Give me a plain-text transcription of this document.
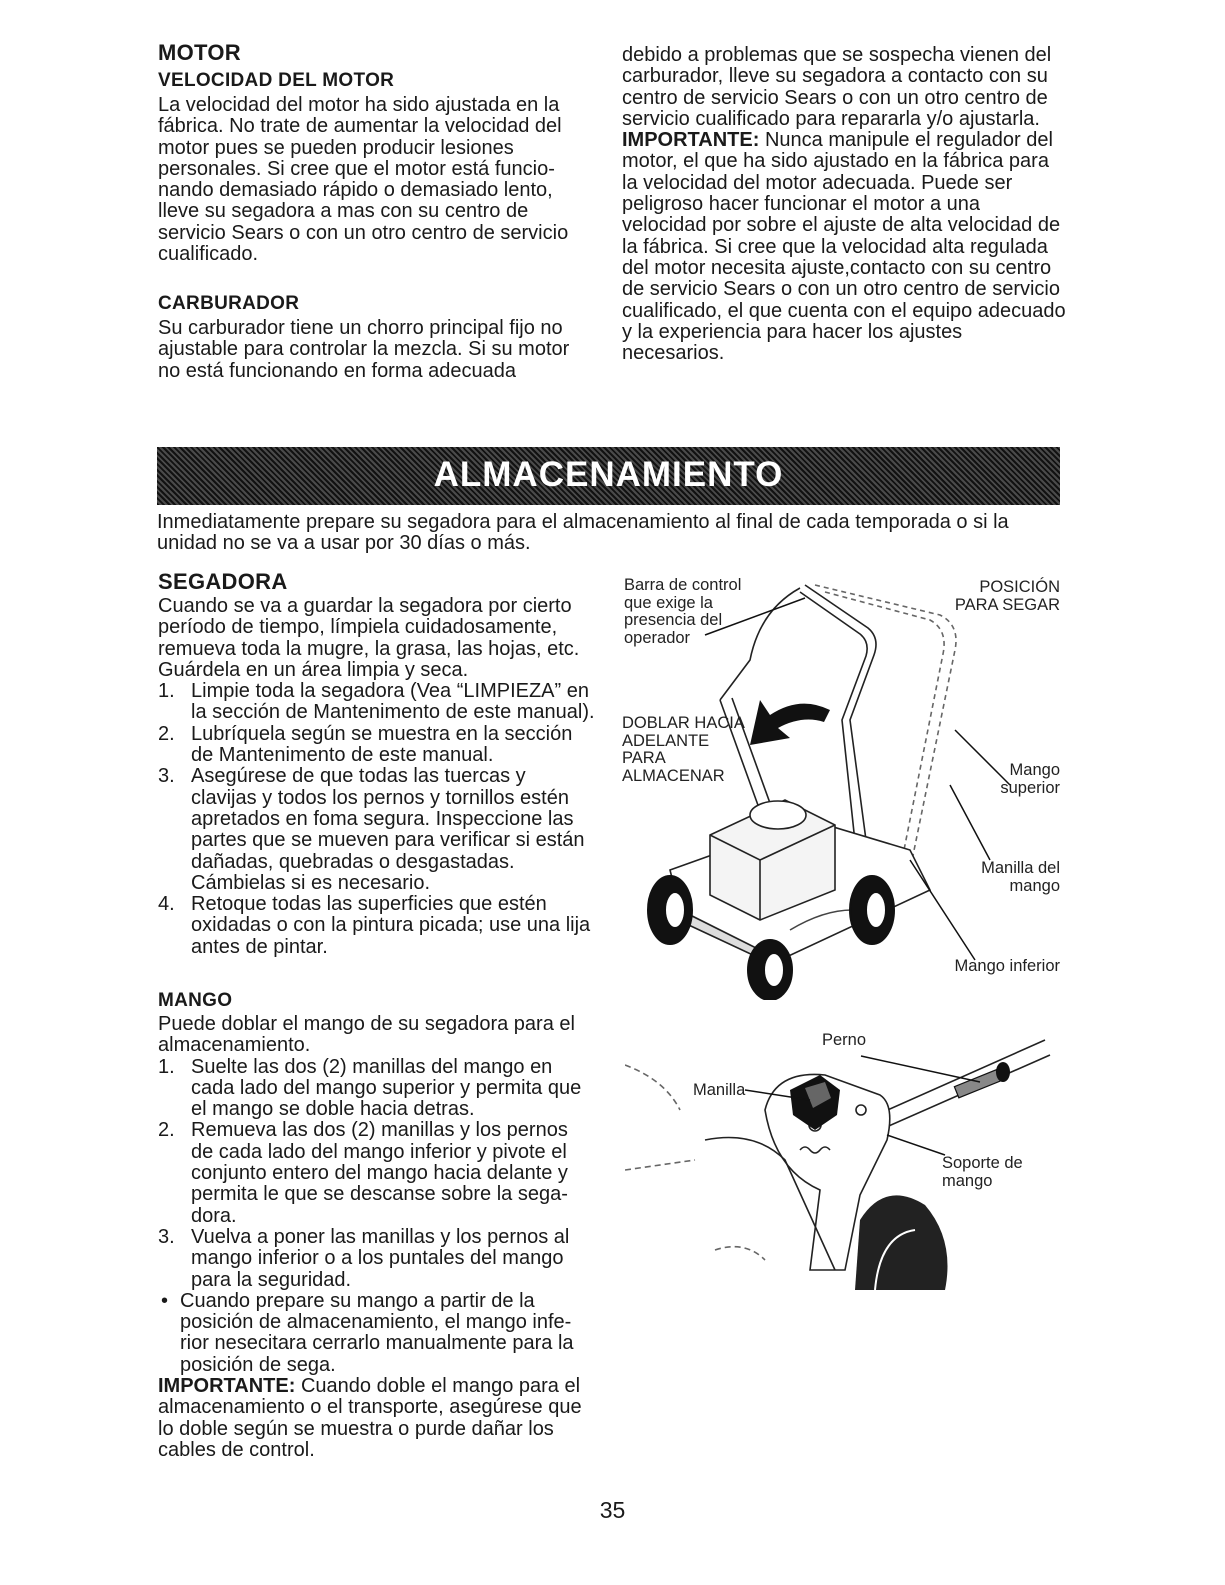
MOTOR
VELOCIDAD DEL MOTOR
La velocidad del motor ha sido ajustada en la fábrica. No trate de aumentar la velocidad del motor pues se pueden producir lesiones personales. Si cree que el motor está funcio-nando demasiado rápido o demasiado lento, lleve su segadora a mas con su centro de servicio Sears o con un otro centro de servicio cualificado.
CARBURADOR
Su carburador tiene un chorro principal fijo no ajustable para controlar la mezcla. Si su motor no está funcionando en forma adecuada
debido a problemas que se sospecha vienen del carburador, lleve su segadora a contacto con su centro de servicio Sears o con un otro centro de servicio cualificado para repararla y/o ajustarla.
IMPORTANTE: Nunca manipule el regulador del motor, el que ha sido ajustado en la fábrica para la velocidad del motor adecuada. Puede ser peligroso hacer funcionar el motor a una velocidad por sobre el ajuste de alta velocidad de la fábrica. Si cree que la velocidad alta regulada del motor necesita ajuste,contacto con su centro de servicio Sears o con un otro centro de servicio cualificado, el que cuenta con el equipo adecuado y la experiencia para hacer los ajustes necesarios.
ALMACENAMIENTO
Inmediatamente prepare su segadora para el almacenamiento al final de cada temporada o si la unidad no se va a usar por 30 días o más.
SEGADORA
Cuando se va a guardar la segadora por cierto período de tiempo, límpiela cuidadosamente, remueva toda la mugre, la grasa, las hojas, etc. Guárdela en un área limpia y seca.
1. Limpie toda la segadora (Vea “LIMPIEZA” en la sección de Mantenimento de este manual).
2. Lubríquela según se muestra en la sección de Mantenimento de este manual.
3. Asegúrese de que todas las tuercas y clavijas y todos los pernos y tornillos estén apretados en foma segura. Inspeccione las partes que se mueven para verificar si están dañadas, quebradas o desgastadas. Cámbielas si es necesario.
4. Retoque todas las superficies que estén oxidadas o con la pintura picada; use una lija antes de pintar.
MANGO
Puede doblar el mango de su segadora para el almacenamiento.
1. Suelte las dos (2) manillas del mango en cada lado del mango superior y permita que el mango se doble hacia detras.
2. Remueva las dos (2) manillas y los pernos de cada lado del mango inferior y pivote el conjunto entero del mango hacia delante y permita le que se descanse sobre la sega-dora.
3. Vuelva a poner las manillas y los pernos al mango inferior o a los puntales del mango para la seguridad.
• Cuando prepare su mango a partir de la posición de almacenamiento, el mango infe-rior nesecitara cerrarlo manualmente para la posición de sega.
IMPORTANTE: Cuando doble el mango para el almacenamiento o el transporte, asegúrese que lo doble según se muestra o purde dañar los cables de control.
Barra de control que exige la presencia del operador
POSICIÓN PARA SEGAR
DOBLAR HACIA ADELANTE PARA ALMACENAR	Mango superior
Manilla del mango
Mango inferior
Perno
Manilla
Soporte de mango
35
